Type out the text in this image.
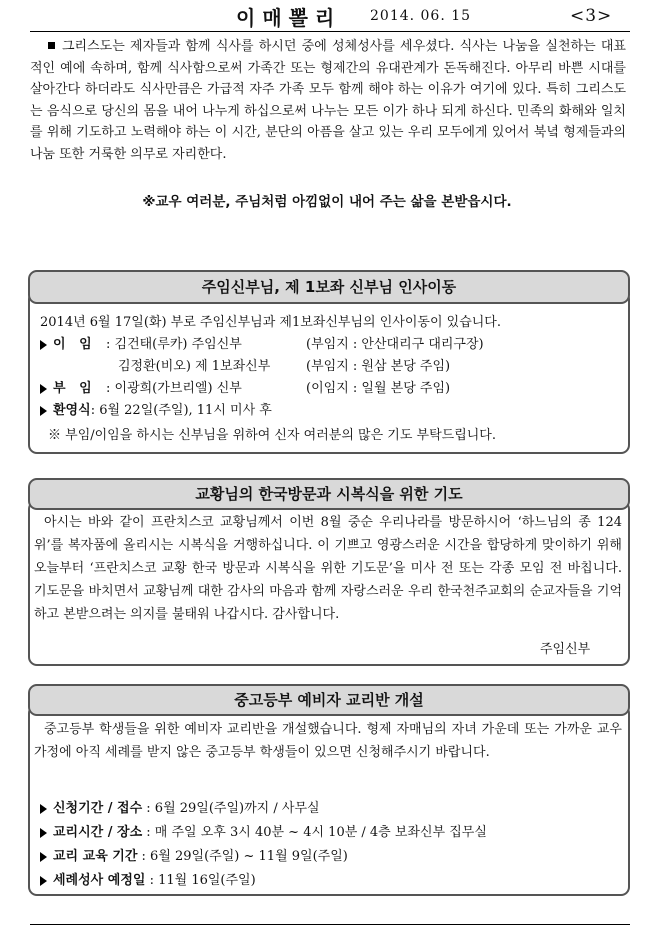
이매뽈리 2014. 06. 15	<3>
그리스도는 제자들과 함께 식사를 하시던 중에 성체성사를 세우셨다. 식사는 나눔을 실천하는 대표적인 예에 속하며, 함께 식사함으로써 가족간 또는 형제간의 유대관계가 돈독해진다. 아무리 바쁜 시대를 살아간다 하더라도 식사만큼은 가급적 자주 가족 모두 함께 해야 하는 이유가 여기에 있다. 특히 그리스도는 음식으로 당신의 몸을 내어 나누게 하십으로써 나누는 모든 이가 하나 되게 하신다. 민족의 화해와 일치를 위해 기도하고 노력해야 하는 이 시간, 분단의 아픔을 살고 있는 우리 모두에게 있어서 북녘 형제들과의 나눔 또한 거룩한 의무로 자리한다.
※교우 여러분, 주님처럼 아낌없이 내어 주는 삶을 본받읍시다.
주임신부님, 제 1보좌 신부님 인사이동
2014년 6월 17일(화) 부로 주임신부님과 제1보좌신부님의 인사이동이 있습니다.
이   임 : 김건태(루카) 주임신부	(부임지 : 안산대리구 대리구장)
김정환(비오) 제 1보좌신부	(부임지 : 원삼 본당 주임)
부   임 : 이광희(가브리엘) 신부	(이임지 : 일월 본당 주임)
환영식: 6월 22일(주일), 11시 미사 후
※ 부임/이임을 하시는 신부님을 위하여 신자 여러분의 많은 기도 부탁드립니다.
교황님의 한국방문과 시복식을 위한 기도
아시는 바와 같이 프란치스코 교황님께서 이번 8월 중순 우리나라를 방문하시어 ‘하느님의 종 124위’를 복자품에 올리시는 시복식을 거행하십니다. 이 기쁘고 영광스러운 시간을 합당하게 맞이하기 위해 오늘부터 ‘프란치스코 교황 한국 방문과 시복식을 위한 기도문’을 미사 전 또는 각종 모임 전 바칩니다. 기도문을 바치면서 교황님께 대한 감사의 마음과 함께 자랑스러운 우리 한국천주교회의 순교자들을 기억하고 본받으려는 의지를 불태워 나갑시다. 감사합니다.
주임신부
중고등부 예비자 교리반 개설
중고등부 학생들을 위한 예비자 교리반을 개설했습니다. 형제 자매님의 자녀 가운데 또는 가까운 교우 가정에 아직 세례를 받지 않은 중고등부 학생들이 있으면 신청해주시기 바랍니다.
신청기간 / 접수 : 6월 29일(주일)까지 / 사무실
교리시간 / 장소 : 매 주일 오후 3시 40분 ~ 4시 10분 / 4층 보좌신부 집무실
교리 교육 기간 : 6월 29일(주일) ~ 11월 9일(주일)
세례성사 예정일 : 11월 16일(주일)
